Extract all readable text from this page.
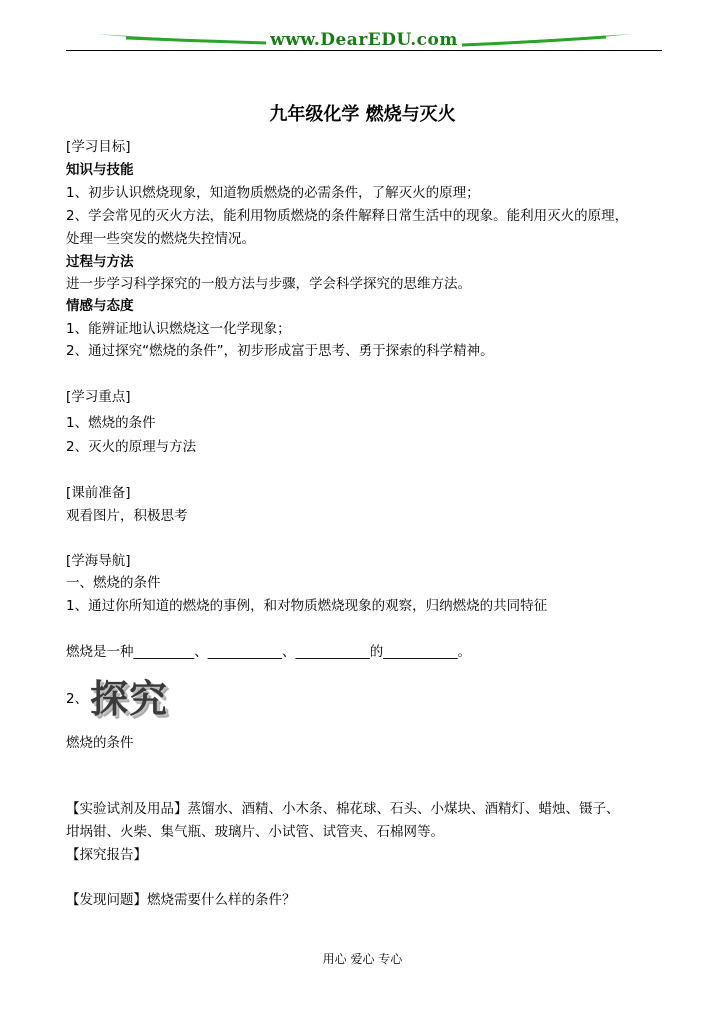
www.DearEDU.com
九年级化学 燃烧与灭火
[学习目标]
知识与技能
1、初步认识燃烧现象，知道物质燃烧的必需条件，了解灭火的原理；
2、学会常见的灭火方法，能利用物质燃烧的条件解释日常生活中的现象。能利用灭火的原理，
处理一些突发的燃烧失控情况。
过程与方法
进一步学习科学探究的一般方法与步骤，学会科学探究的思维方法。
情感与态度
1、能辨证地认识燃烧这一化学现象；
2、通过探究“燃烧的条件”，初步形成富于思考、勇于探索的科学精神。
[学习重点]
1、燃烧的条件
2、灭火的原理与方法
[课前准备]
观看图片，积极思考
[学海导航]
一、燃烧的条件
1、通过你所知道的燃烧的事例，和对物质燃烧现象的观察，归纳燃烧的共同特征
燃烧是一种_________、___________、___________的___________。
2、 探究
燃烧的条件
【实验试剂及用品】蒸馏水、酒精、小木条、棉花球、石头、小煤块、酒精灯、蜡烛、镊子、
坩埚钳、火柴、集气瓶、玻璃片、小试管、试管夹、石棉网等。
【探究报告】
【发现问题】燃烧需要什么样的条件？
用心 爱心 专心
